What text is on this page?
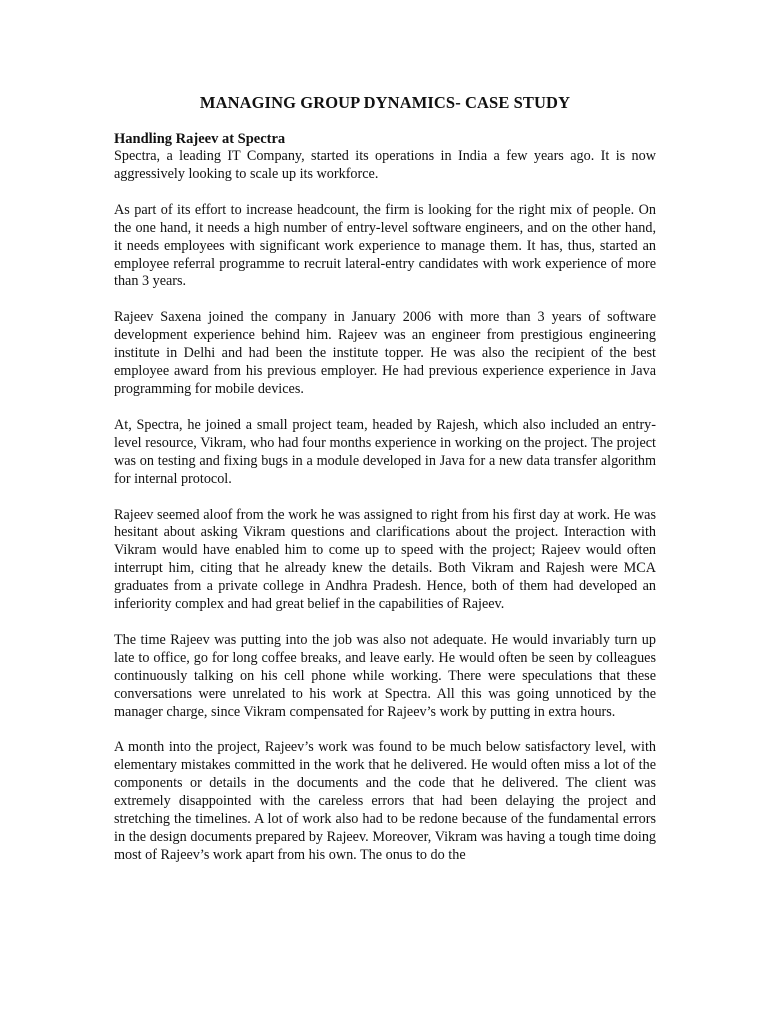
MANAGING GROUP DYNAMICS- CASE STUDY
Handling Rajeev at Spectra

Spectra, a leading IT Company, started its operations in India a few years ago. It is now aggressively looking to scale up its workforce.

As part of its effort to increase headcount, the firm is looking for the right mix of people. On the one hand, it needs a high number of entry-level software engineers, and on the other hand, it needs employees with significant work experience to manage them. It has, thus, started an employee referral programme to recruit lateral-entry candidates with work experience of more than 3 years.

Rajeev Saxena joined the company in January 2006 with more than 3 years of software development experience behind him. Rajeev was an engineer from prestigious engineering institute in Delhi and had been the institute topper. He was also the recipient of the best employee award from his previous employer. He had previous experience experience in Java programming for mobile devices.

At, Spectra, he joined a small project team, headed by Rajesh, which also included an entry-level resource, Vikram, who had four months experience in working on the project. The project was on testing and fixing bugs in a module developed in Java for a new data transfer algorithm for internal protocol.

Rajeev seemed aloof from the work he was assigned to right from his first day at work. He was hesitant about asking Vikram questions and clarifications about the project. Interaction with Vikram would have enabled him to come up to speed with the project; Rajeev would often interrupt him, citing that he already knew the details. Both Vikram and Rajesh were MCA graduates from a private college in Andhra Pradesh. Hence, both of them had developed an inferiority complex and had great belief in the capabilities of Rajeev.

The time Rajeev was putting into the job was also not adequate. He would invariably turn up late to office, go for long coffee breaks, and leave early. He would often be seen by colleagues continuously talking on his cell phone while working. There were speculations that these conversations were unrelated to his work at Spectra. All this was going unnoticed by the manager charge, since Vikram compensated for Rajeev’s work by putting in extra hours.

A month into the project, Rajeev’s work was found to be much below satisfactory level, with elementary mistakes committed in the work that he delivered. He would often miss a lot of the components or details in the documents and the code that he delivered. The client was extremely disappointed with the careless errors that had been delaying the project and stretching the timelines. A lot of work also had to be redone because of the fundamental errors in the design documents prepared by Rajeev. Moreover, Vikram was having a tough time doing most of Rajeev’s work apart from his own. The onus to do the
